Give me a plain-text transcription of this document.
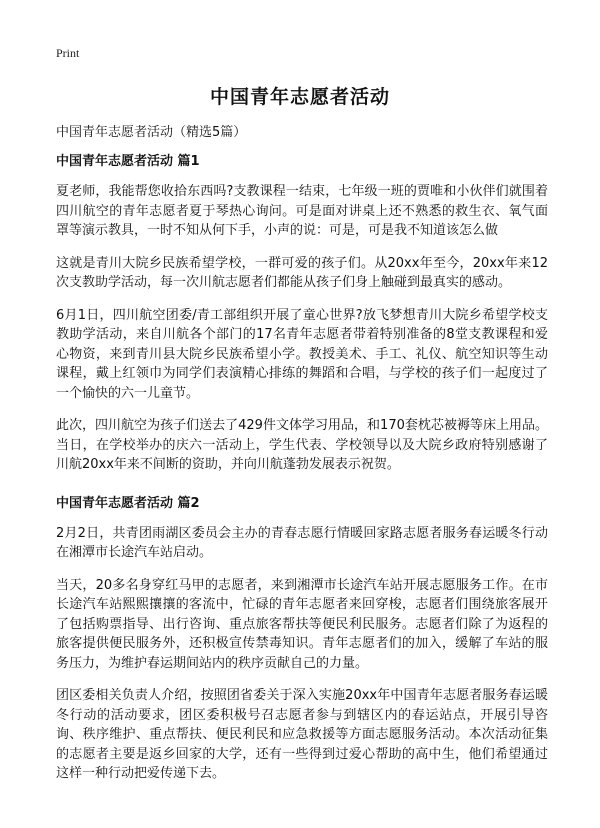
Print
中国青年志愿者活动
中国青年志愿者活动（精选5篇）
中国青年志愿者活动 篇1

夏老师，我能帮您收拾东西吗?支教课程一结束，七年级一班的贾唯和小伙伴们就围着四川航空的青年志愿者夏于琴热心询问。可是面对讲桌上还不熟悉的救生衣、氧气面罩等演示教具，一时不知从何下手，小声的说：可是，可是我不知道该怎么做

这就是青川大院乡民族希望学校，一群可爱的孩子们。从20xx年至今，20xx年来12次支教助学活动，每一次川航志愿者们都能从孩子们身上触碰到最真实的感动。

6月1日，四川航空团委/青工部组织开展了童心世界?放飞梦想青川大院乡希望学校支教助学活动，来自川航各个部门的17名青年志愿者带着特别准备的8堂支教课程和爱心物资，来到青川县大院乡民族希望小学。教授美术、手工、礼仪、航空知识等生动课程，戴上红领巾为同学们表演精心排练的舞蹈和合唱，与学校的孩子们一起度过了一个愉快的六一儿童节。

此次，四川航空为孩子们送去了429件文体学习用品，和170套枕芯被褥等床上用品。当日，在学校举办的庆六一活动上，学生代表、学校领导以及大院乡政府特别感谢了川航20xx年来不间断的资助，并向川航蓬勃发展表示祝贺。

中国青年志愿者活动 篇2

2月2日，共青团雨湖区委员会主办的青春志愿行情暖回家路志愿者服务春运暖冬行动在湘潭市长途汽车站启动。

当天，20多名身穿红马甲的志愿者，来到湘潭市长途汽车站开展志愿服务工作。在市长途汽车站熙熙攘攘的客流中，忙碌的青年志愿者来回穿梭，志愿者们围绕旅客展开了包括购票指导、出行咨询、重点旅客帮扶等便民利民服务。志愿者们除了为返程的旅客提供便民服务外，还积极宣传禁毒知识。青年志愿者们的加入，缓解了车站的服务压力，为维护春运期间站内的秩序贡献自己的力量。

团区委相关负责人介绍，按照团省委关于深入实施20xx年中国青年志愿者服务春运暖冬行动的活动要求，团区委积极号召志愿者参与到辖区内的春运站点，开展引导咨询、秩序维护、重点帮扶、便民利民和应急救援等方面志愿服务活动。本次活动征集的志愿者主要是返乡回家的大学，还有一些得到过爱心帮助的高中生，他们希望通过这样一种行动把爱传递下去。
